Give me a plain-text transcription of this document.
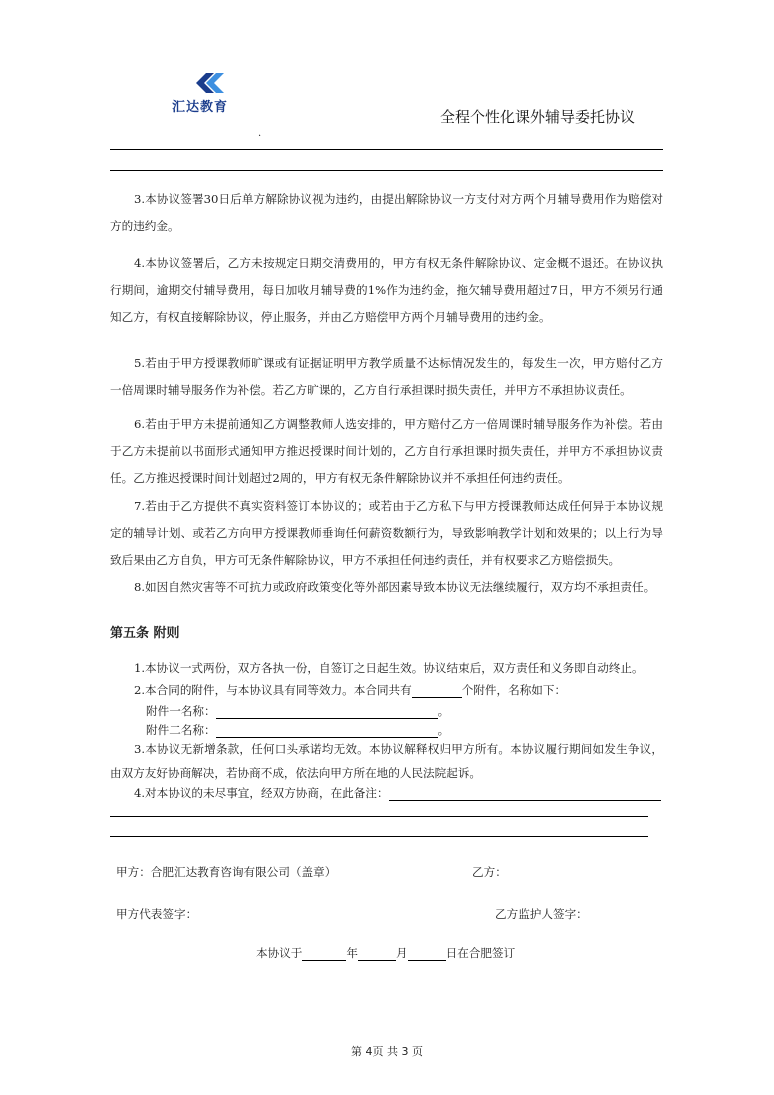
汇达教育
.
全程个性化课外辅导委托协议
3.本协议签署30日后单方解除协议视为违约，由提出解除协议一方支付对方两个月辅导费用作为赔偿对方的违约金。
4.本协议签署后，乙方未按规定日期交清费用的，甲方有权无条件解除协议、定金概不退还。在协议执行期间，逾期交付辅导费用，每日加收月辅导费的1%作为违约金，拖欠辅导费用超过7日，甲方不须另行通知乙方，有权直接解除协议，停止服务，并由乙方赔偿甲方两个月辅导费用的违约金。
5.若由于甲方授课教师旷课或有证据证明甲方教学质量不达标情况发生的，每发生一次，甲方赔付乙方一倍周课时辅导服务作为补偿。若乙方旷课的，乙方自行承担课时损失责任，并甲方不承担协议责任。
6.若由于甲方未提前通知乙方调整教师人选安排的，甲方赔付乙方一倍周课时辅导服务作为补偿。若由于乙方未提前以书面形式通知甲方推迟授课时间计划的，乙方自行承担课时损失责任，并甲方不承担协议责任。乙方推迟授课时间计划超过2周的，甲方有权无条件解除协议并不承担任何违约责任。
7.若由于乙方提供不真实资料签订本协议的；或若由于乙方私下与甲方授课教师达成任何异于本协议规定的辅导计划、或若乙方向甲方授课教师垂询任何薪资数额行为，导致影响教学计划和效果的；以上行为导致后果由乙方自负，甲方可无条件解除协议，甲方不承担任何违约责任，并有权要求乙方赔偿损失。
8.如因自然灾害等不可抗力或政府政策变化等外部因素导致本协议无法继续履行，双方均不承担责任。
第五条 附则
1.本协议一式两份，双方各执一份，自签订之日起生效。协议结束后，双方责任和义务即自动终止。
2.本合同的附件，与本协议具有同等效力。本合同共有	个附件，名称如下：
附件一名称：	。
附件二名称：	。
3.本协议无新增条款，任何口头承诺均无效。本协议解释权归甲方所有。本协议履行期间如发生争议，由双方友好协商解决，若协商不成，依法向甲方所在地的人民法院起诉。
4.对本协议的未尽事宜，经双方协商，在此备注：
甲方：合肥汇达教育咨询有限公司（盖章）	乙方：
甲方代表签字：	乙方监护人签字：
本协议于	年	月	日在合肥签订
第 4页 共 3 页
